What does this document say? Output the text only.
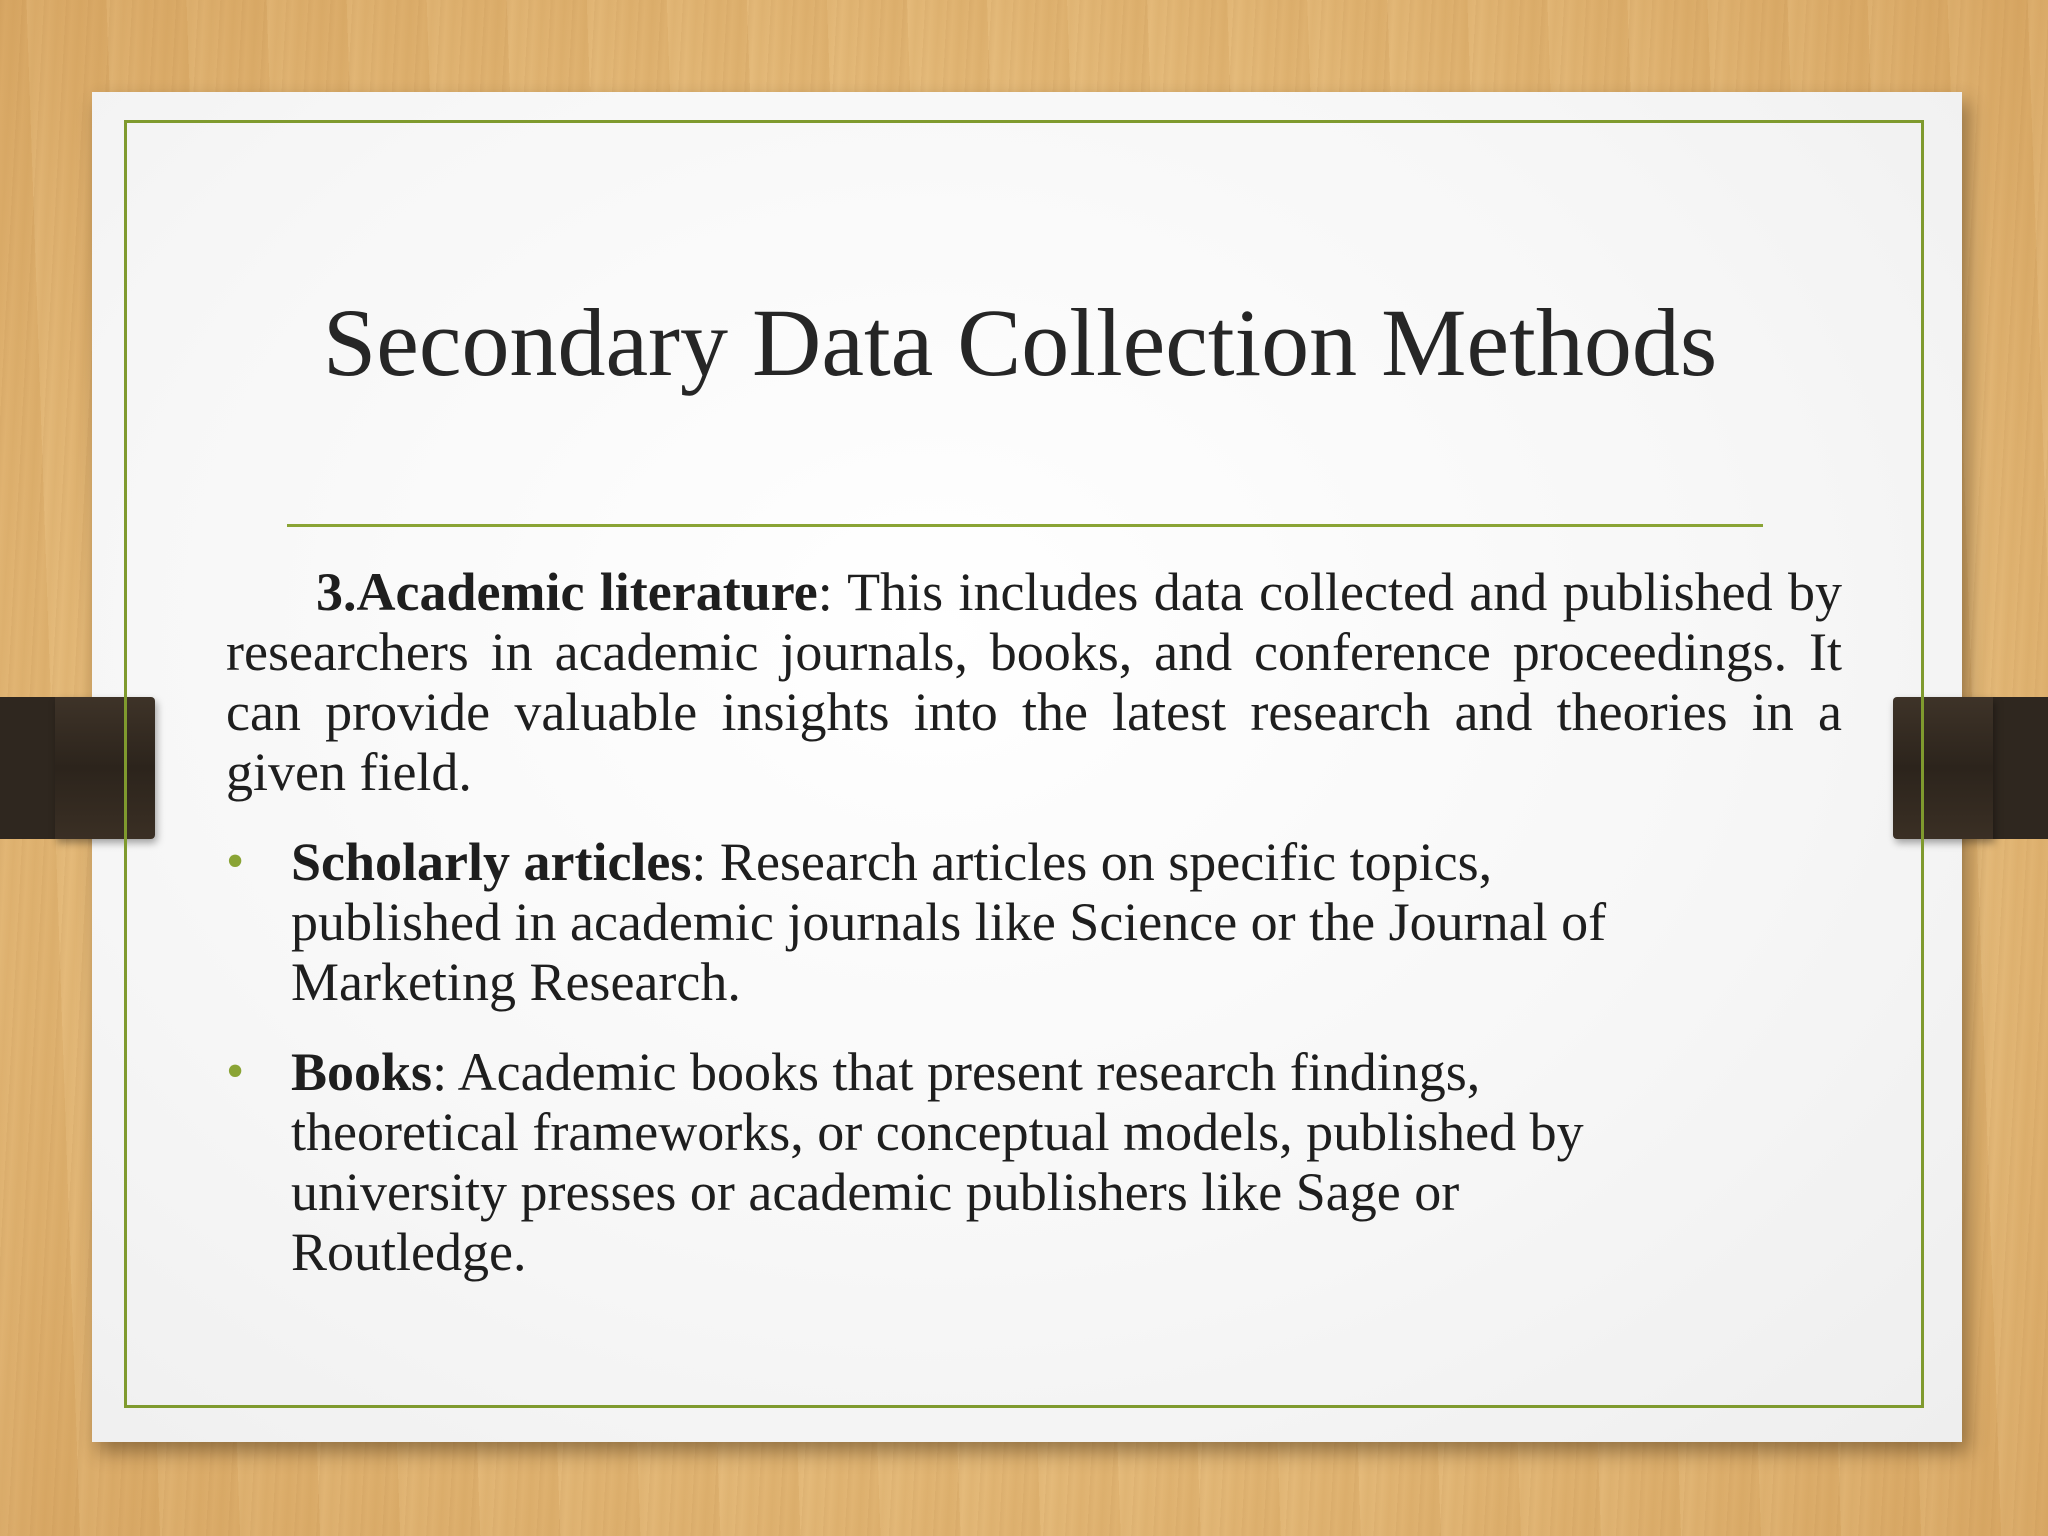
Secondary Data Collection Methods

3.Academic literature: This includes data collected and published by researchers in academic journals, books, and conference proceedings. It can provide valuable insights into the latest research and theories in a given field.

• Scholarly articles: Research articles on specific topics, published in academic journals like Science or the Journal of Marketing Research.
• Books: Academic books that present research findings, theoretical frameworks, or conceptual models, published by university presses or academic publishers like Sage or Routledge.
